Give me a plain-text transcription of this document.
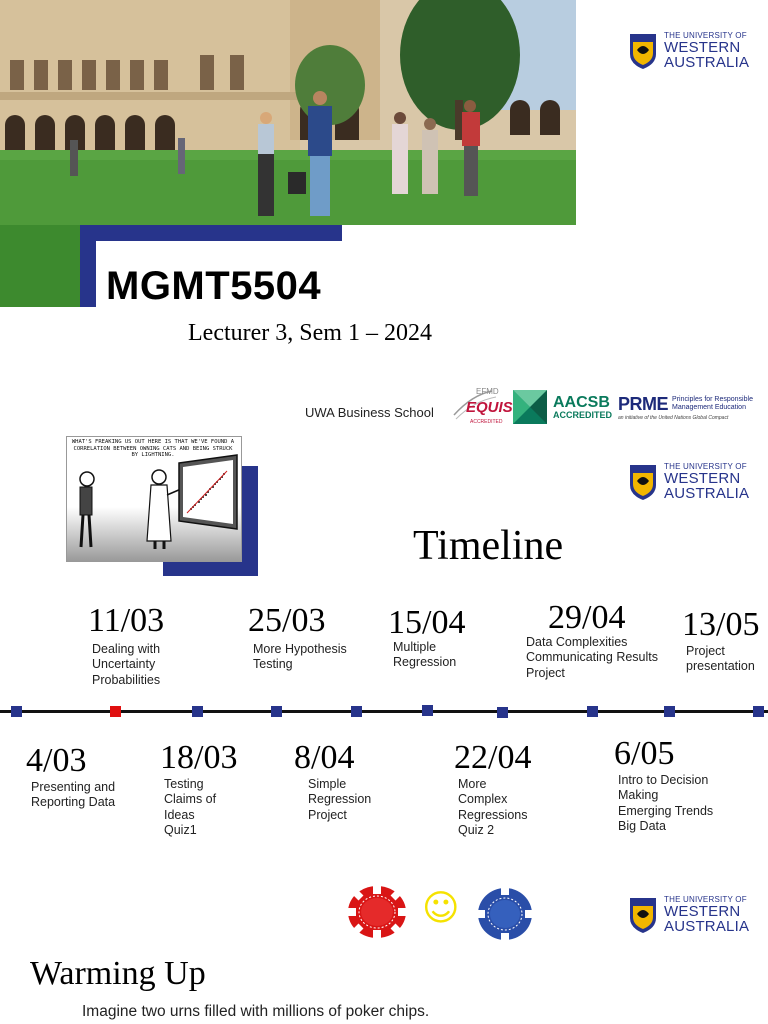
MGMT5504
Lecturer 3, Sem 1 – 2024
THE UNIVERSITY OF
WESTERN
AUSTRALIA
UWA Business School
EFMD
EQUIS
ACCREDITED
AACSB
ACCREDITED
PRME Principles for Responsible
Management Education
an initiative of the United Nations Global Compact
WHAT'S FREAKING US OUT HERE IS THAT WE'VE FOUND A CORRELATION BETWEEN OWNING CATS AND BEING STRUCK BY LIGHTNING.
THE UNIVERSITY OF
WESTERN
AUSTRALIA
Timeline
11/03
Dealing with
Uncertainty
Probabilities
25/03
More Hypothesis
Testing
15/04
Multiple
Regression
29/04
Data Complexities
Communicating Results
Project
13/05
Project
presentation
4/03
Presenting and
Reporting Data
18/03
Testing
Claims of
Ideas
Quiz1
8/04
Simple
Regression
Project
22/04
More
Complex
Regressions
Quiz 2
6/05
Intro to Decision
Making
Emerging Trends
Big Data
☺	THE UNIVERSITY OF
WESTERN
AUSTRALIA
Warming Up
Imagine two urns filled with millions of poker chips.
